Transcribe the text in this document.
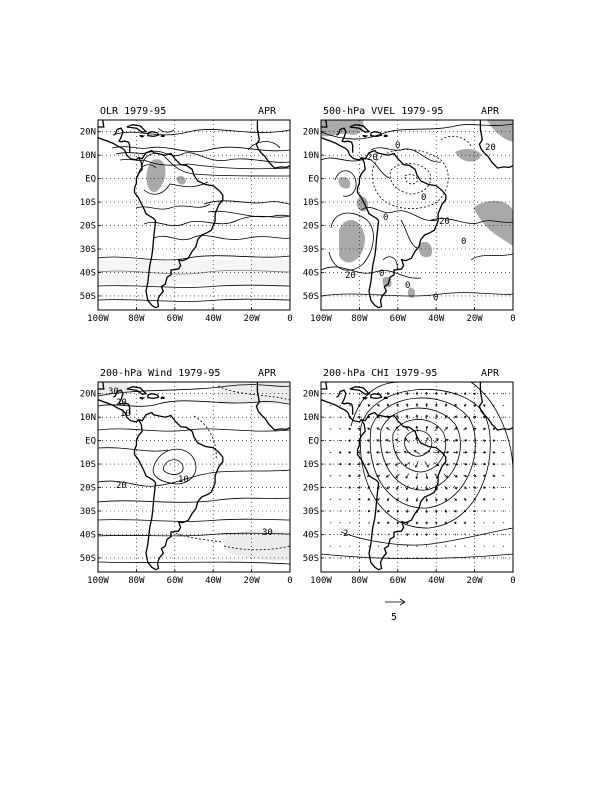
OLR 1979-95	APR	500-hPa VVEL 1979-95	APR
0	20
20
0	20
0
0
20	0
0
0
200-hPa Wind 1979-95	APR
30
20
10
10
20
30
200-hPa CHI 1979-95	APR
2
20N
10N
EQ
10S
20S
30S
40S
50S
100W 80W 60W 40W 20W	0
20N
10N
EQ
10S
20S
30S
40S
50S
100W 80W 60W 40W 20W	0
20N
10N
EQ
10S
20S
30S
40S
50S
100W 80W 60W 40W 20W	0
20N
10N
EQ
10S
20S
30S
40S
50S
100W 80W 60W 40W 20W	0
5
